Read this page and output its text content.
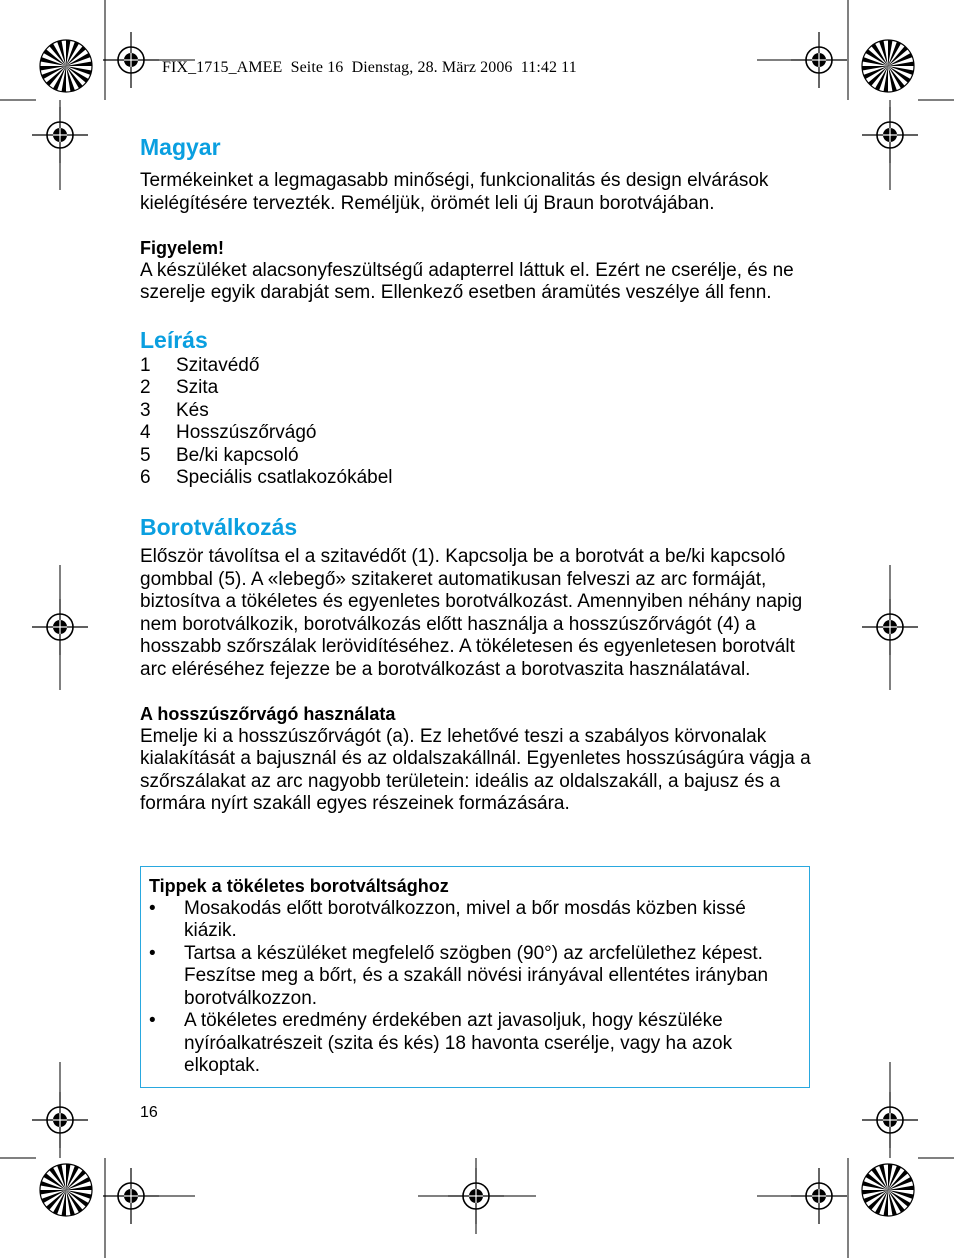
FIX_1715_AMEE  Seite 16  Dienstag, 28. März 2006  11:42 11
Magyar

Termékeinket a legmagasabb minőségi, funkcionalitás és design elvárások kielégítésére tervezték. Reméljük, örömét leli új Braun borotvájában.

Figyelem!

A készüléket alacsonyfeszültségű adapterrel láttuk el. Ezért ne cserélje, és ne szerelje egyik darabját sem. Ellenkező esetben áramütés veszélye áll fenn.

Leírás
1	Szitavédő
2	Szita
3	Kés
4	Hosszúszőrvágó
5	Be/ki kapcsoló
6	Speciális csatlakozókábel
Borotválkozás

Először távolítsa el a szitavédőt (1). Kapcsolja be a borotvát a be/ki kapcsoló gombbal (5). A «lebegő» szitakeret automatikusan felveszi az arc formáját, biztosítva a tökéletes és egyenletes borotválkozást. Amennyiben néhány napig nem borotválkozik, borotválkozás előtt használja a hosszúszőrvágót (4) a hosszabb szőrszálak lerövidítéséhez. A tökéletesen és egyenletesen borotvált arc eléréséhez fejezze be a borotválkozást a borotvaszita használatával.

A hosszúszőrvágó használata

Emelje ki a hosszúszőrvágót (a). Ez lehetővé teszi a szabályos körvonalak kialakítását a bajusznál és az oldalszakállnál. Egyenletes hosszúságúra vágja a szőrszálakat az arc nagyobb területein: ideális az oldalszakáll, a bajusz és a formára nyírt szakáll egyes részeinek formázására.

Tippek a tökéletes borotváltsághoz
•	Mosakodás előtt borotválkozzon, mivel a bőr mosdás közben kissé kiázik.
•	Tartsa a készüléket megfelelő szögben (90°) az arcfelülethez képest. Feszítse meg a bőrt, és a szakáll növési irányával ellentétes irányban borotválkozzon.
•	A tökéletes eredmény érdekében azt javasoljuk, hogy készüléke nyíróalkatrészeit (szita és kés) 18 havonta cserélje, vagy ha azok elkoptak.
16
